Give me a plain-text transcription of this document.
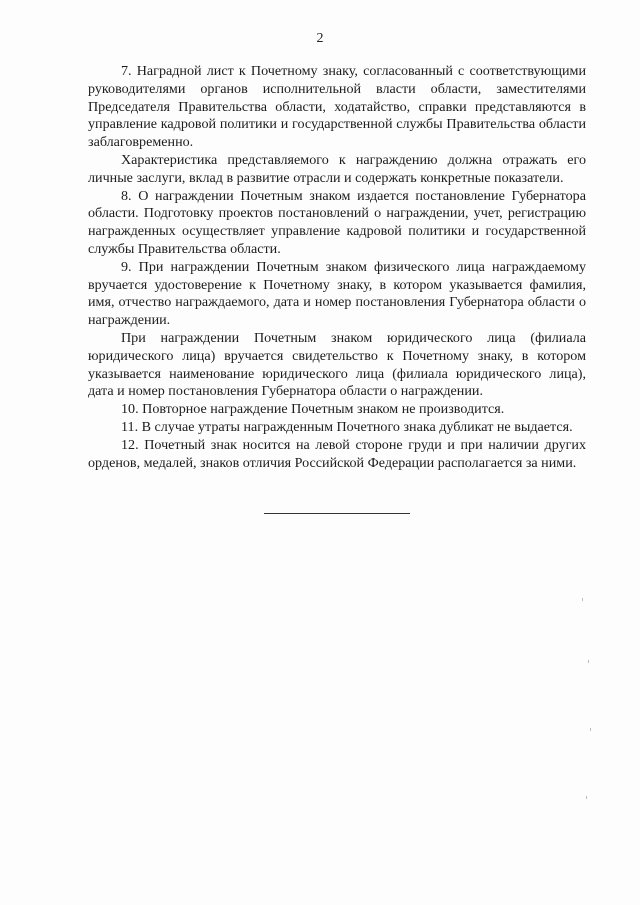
2

7. Наградной лист к Почетному знаку, согласованный с соответствующими руководителями органов исполнительной власти области, заместителями Председателя Правительства области, ходатайство, справки представляются в управление кадровой политики и государственной службы Правительства области заблаговременно.

Характеристика представляемого к награждению должна отражать его личные заслуги, вклад в развитие отрасли и содержать конкретные показатели.

8. О награждении Почетным знаком издается постановление Губернатора области. Подготовку проектов постановлений о награждении, учет, регистрацию награжденных осуществляет управление кадровой политики и государственной службы Правительства области.

9. При награждении Почетным знаком физического лица награждаемому вручается удостоверение к Почетному знаку, в котором указывается фамилия, имя, отчество награждаемого, дата и номер постановления Губернатора области о награждении.

При награждении Почетным знаком юридического лица (филиала юридического лица) вручается свидетельство к Почетному знаку, в котором указывается наименование юридического лица (филиала юридического лица), дата и номер постановления Губернатора области о награждении.

10. Повторное награждение Почетным знаком не производится.

11. В случае утраты награжденным Почетного знака дубликат не выдается.

12. Почетный знак носится на левой стороне груди и при наличии других орденов, медалей, знаков отличия Российской Федерации располагается за ними.
